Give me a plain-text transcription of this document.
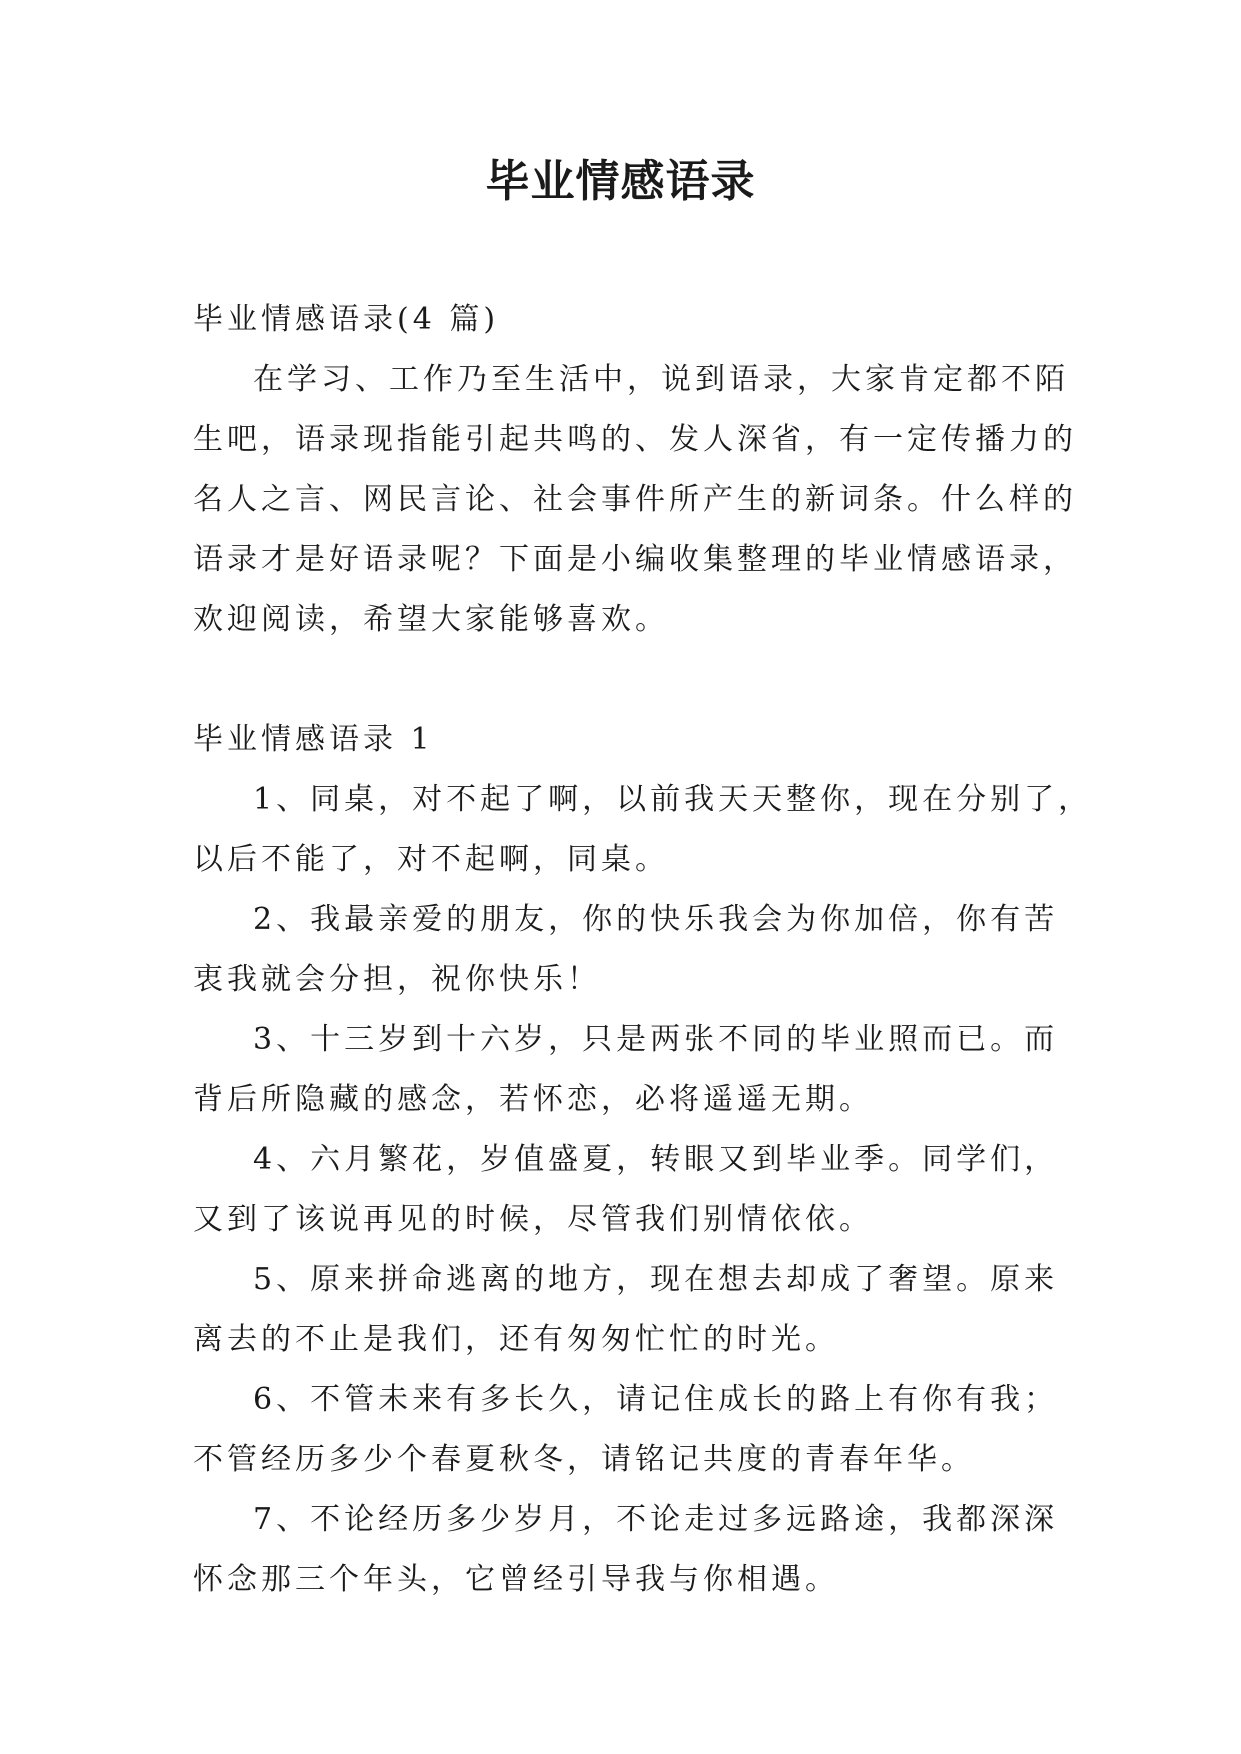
毕业情感语录
毕业情感语录(4 篇)
在学习、工作乃至生活中，说到语录，大家肯定都不陌
生吧，语录现指能引起共鸣的、发人深省，有一定传播力的
名人之言、网民言论、社会事件所产生的新词条。什么样的
语录才是好语录呢？下面是小编收集整理的毕业情感语录，
欢迎阅读，希望大家能够喜欢。
毕业情感语录 1
1、同桌，对不起了啊，以前我天天整你，现在分别了，
以后不能了，对不起啊，同桌。
2、我最亲爱的朋友，你的快乐我会为你加倍，你有苦
衷我就会分担，祝你快乐！
3、十三岁到十六岁，只是两张不同的毕业照而已。而
背后所隐藏的感念，若怀恋，必将遥遥无期。
4、六月繁花，岁值盛夏，转眼又到毕业季。同学们，
又到了该说再见的时候，尽管我们别情依依。
5、原来拼命逃离的地方，现在想去却成了奢望。原来
离去的不止是我们，还有匆匆忙忙的时光。
6、不管未来有多长久，请记住成长的路上有你有我；
不管经历多少个春夏秋冬，请铭记共度的青春年华。
7、不论经历多少岁月，不论走过多远路途，我都深深
怀念那三个年头，它曾经引导我与你相遇。
